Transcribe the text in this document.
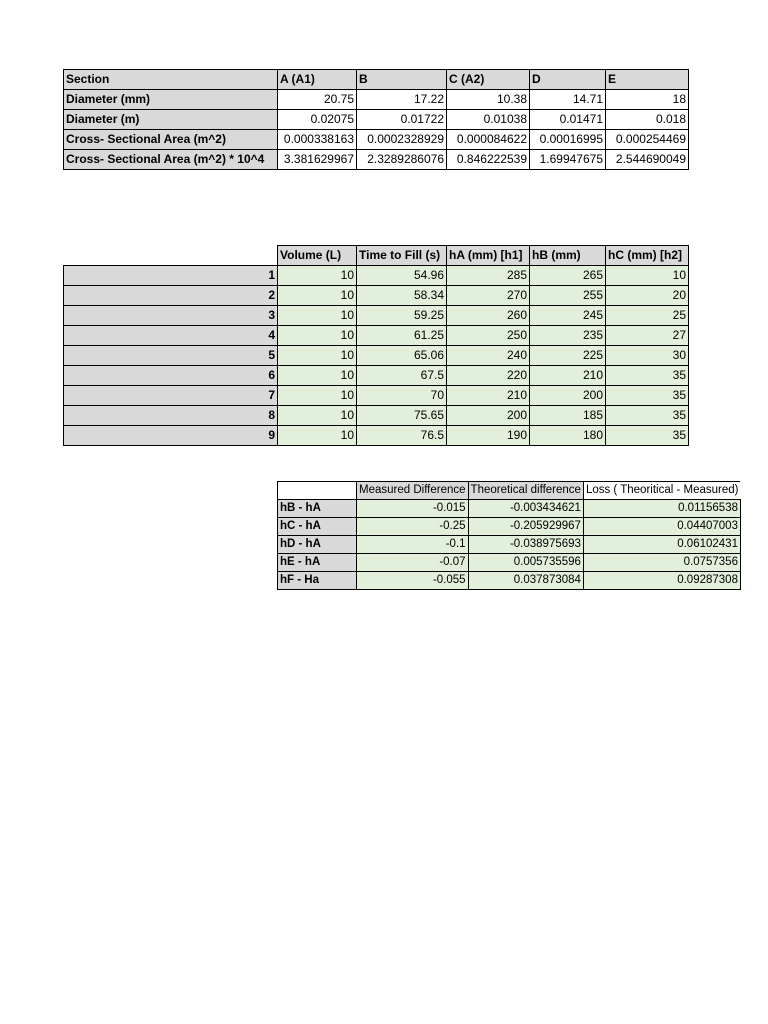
Section	A (A1)	B	C (A2)	D	E
Diameter (mm)	20.75	17.22	10.38	14.71	18
Diameter (m)	0.02075	0.01722	0.01038	0.01471	0.018
Cross- Sectional Area (m^2)	0.000338163	0.0002328929	0.000084622	0.00016995	0.000254469
Cross- Sectional Area (m^2) * 10^4	3.381629967	2.3289286076	0.846222539	1.69947675	2.544690049
	Volume (L)	Time to Fill (s)	hA (mm) [h1]	hB (mm)	hC (mm) [h2]
1	10	54.96	285	265	10
2	10	58.34	270	255	20
3	10	59.25	260	245	25
4	10	61.25	250	235	27
5	10	65.06	240	225	30
6	10	67.5	220	210	35
7	10	70	210	200	35
8	10	75.65	200	185	35
9	10	76.5	190	180	35
	Measured Difference	Theoretical difference	Loss ( Theoritical - Measured)
hB - hA	-0.015	-0.003434621	0.01156538
hC - hA	-0.25	-0.205929967	0.04407003
hD - hA	-0.1	-0.038975693	0.06102431
hE - hA	-0.07	0.005735596	0.0757356
hF - Ha	-0.055	0.037873084	0.09287308
